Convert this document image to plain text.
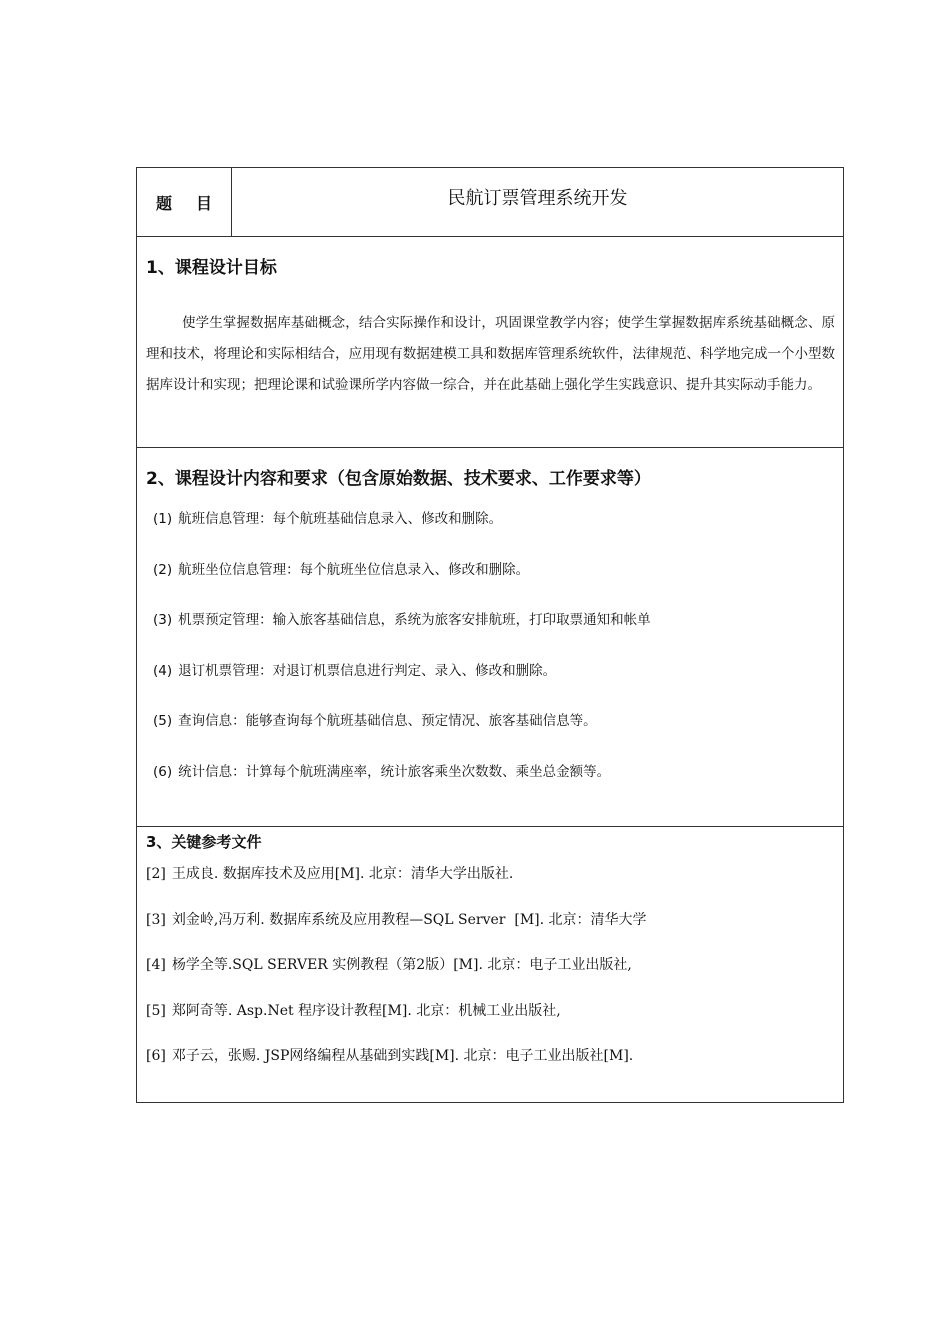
题 目	民航订票管理系统开发

1、课程设计目标
使学生掌握数据库基础概念，结合实际操作和设计，巩固课堂教学内容；使学生掌握数据库系统基础概念、原理和技术，将理论和实际相结合，应用现有数据建模工具和数据库管理系统软件，法律规范、科学地完成一个小型数据库设计和实现；把理论课和试验课所学内容做一综合，并在此基础上强化学生实践意识、提升其实际动手能力。

2、课程设计内容和要求（包含原始数据、技术要求、工作要求等）
(1) 航班信息管理：每个航班基础信息录入、修改和删除。
(2) 航班坐位信息管理：每个航班坐位信息录入、修改和删除。
(3) 机票预定管理：输入旅客基础信息，系统为旅客安排航班，打印取票通知和帐单
(4) 退订机票管理：对退订机票信息进行判定、录入、修改和删除。
(5) 查询信息：能够查询每个航班基础信息、预定情况、旅客基础信息等。
(6) 统计信息：计算每个航班满座率，统计旅客乘坐次数数、乘坐总金额等。

3、关键参考文件
[2] 王成良. 数据库技术及应用[M]. 北京：清华大学出版社.
[3] 刘金岭,冯万利. 数据库系统及应用教程—SQL Server  [M]. 北京：清华大学
[4] 杨学全等.SQL SERVER 实例教程（第2版）[M]. 北京：电子工业出版社,
[5] 郑阿奇等. Asp.Net 程序设计教程[M]. 北京：机械工业出版社,
[6] 邓子云，张赐. JSP网络编程从基础到实践[M]. 北京：电子工业出版社[M].
